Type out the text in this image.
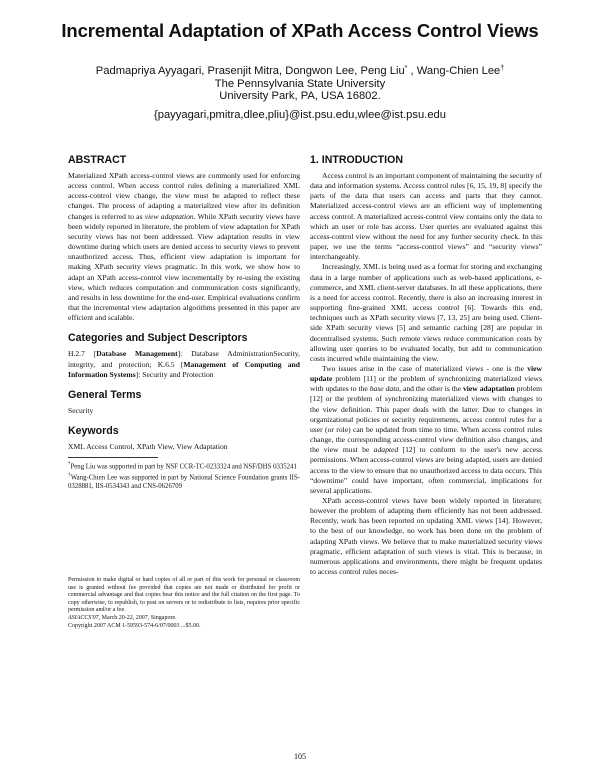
Incremental Adaptation of XPath Access Control Views
Padmapriya Ayyagari, Prasenjit Mitra, Dongwon Lee, Peng Liu* , Wang-Chien Lee†
The Pennsylvania State University
University Park, PA, USA 16802.
{payyagari,pmitra,dlee,pliu}@ist.psu.edu,wlee@ist.psu.edu
ABSTRACT

Materialized XPath access-control views are commonly used for enforcing access control. When access control rules defining a materialized XML access-control view change, the view must be adapted to reflect these changes. The process of adapting a materialized view after its definition changes is referred to as view adaptation. While XPath security views have been widely reported in literature, the problem of view adaptation for XPath security views has not been addressed. View adaptation results in view downtime during which users are denied access to security views to prevent unauthorized access. Thus, efficient view adaptation is important for making XPath security views pragmatic. In this work, we show how to adapt an XPath access-control view incrementally by re-using the existing view, which reduces computation and communication costs significantly, and results in less downtime for the end-user. Empirical evaluations confirm that the incremental view adaptation algorithms presented in this paper are efficient and scalable.

Categories and Subject Descriptors

H.2.7 [Database Management]: Database AdministrationSecurity, integrity, and protection; K.6.5 [Management of Computing and Information Systems]: Security and Protection

General Terms

Security

Keywords

XML Access Control, XPath View, View Adaptation

*Peng Liu was supported in part by NSF CCR-TC-0233324 and NSF/DHS 0335241

†Wang-Chien Lee was supported in part by National Science Foundation grants IIS-0328881, IIS-0534343 and CNS-0626709

Permission to make digital or hard copies of all or part of this work for personal or classroom use is granted without fee provided that copies are not made or distributed for profit or commercial advantage and that copies bear this notice and the full citation on the first page. To copy otherwise, to republish, to post on servers or to redistribute to lists, requires prior specific permission and/or a fee.

ASIACCS'07, March 20-22, 2007, Singapore.

Copyright 2007 ACM 1-59593-574-6/07/0003 ...$5.00.

1. INTRODUCTION

Access control is an important component of maintaining the security of data and information systems. Access control rules [6, 15, 19, 8] specify the parts of the data that users can access and parts that they cannot. Materialized access-control views are an efficient way of implementing access control. A materialized access-control view contains only the data to which an user or role has access. User queries are evaluated against this access-control view without the need for any further security check. In this paper, we use the terms “access-control views” and “security views” interchangeably.

Increasingly, XML is being used as a format for storing and exchanging data in a large number of applications such as web-based applications, e-commerce, and XML client-server databases. In all these applications, there is a need for access control. Recently, there is also an increasing interest in supporting fine-grained XML access control [6]. Towards this end, techniques such as XPath security views [7, 13, 25] are being used. Client-side XPath security views [5] and semantic caching [28] are popular in decentralised systems. Such remote views reduce communication costs by allowing user queries to be evaluated locally, but add to communication costs incurred while maintaining the view.

Two issues arise in the case of materialized views - one is the view update problem [11] or the problem of synchronizing materialized views with updates to the base data, and the other is the view adaptation problem [12] or the problem of synchronizing materialized views with changes to the view definition. This paper deals with the latter. Due to changes in organizational policies or security requirements, access control rules for a user (or role) can be updated from time to time. When access control rules change, the corresponding access-control view definition also changes, and the view must be adapted [12] to conform to the user's new access permissions. When access-control views are being adapted, users are denied access to the view to ensure that no unauthorized access to data occurs. This “downtime” could have important, often commercial, implications for several applications.

XPath access-control views have been widely reported in literature; however the problem of adapting them efficiently has not been addressed. Recently, work has been reported on updating XML views [14]. However, to the best of our knowledge, no work has been done on the problem of adapting XPath views. We believe that to make materialized security views pragmatic, efficient adaptation of such views is vital. This is because, in numerous applications and environments, there might be frequent updates to access control rules neces-

105
